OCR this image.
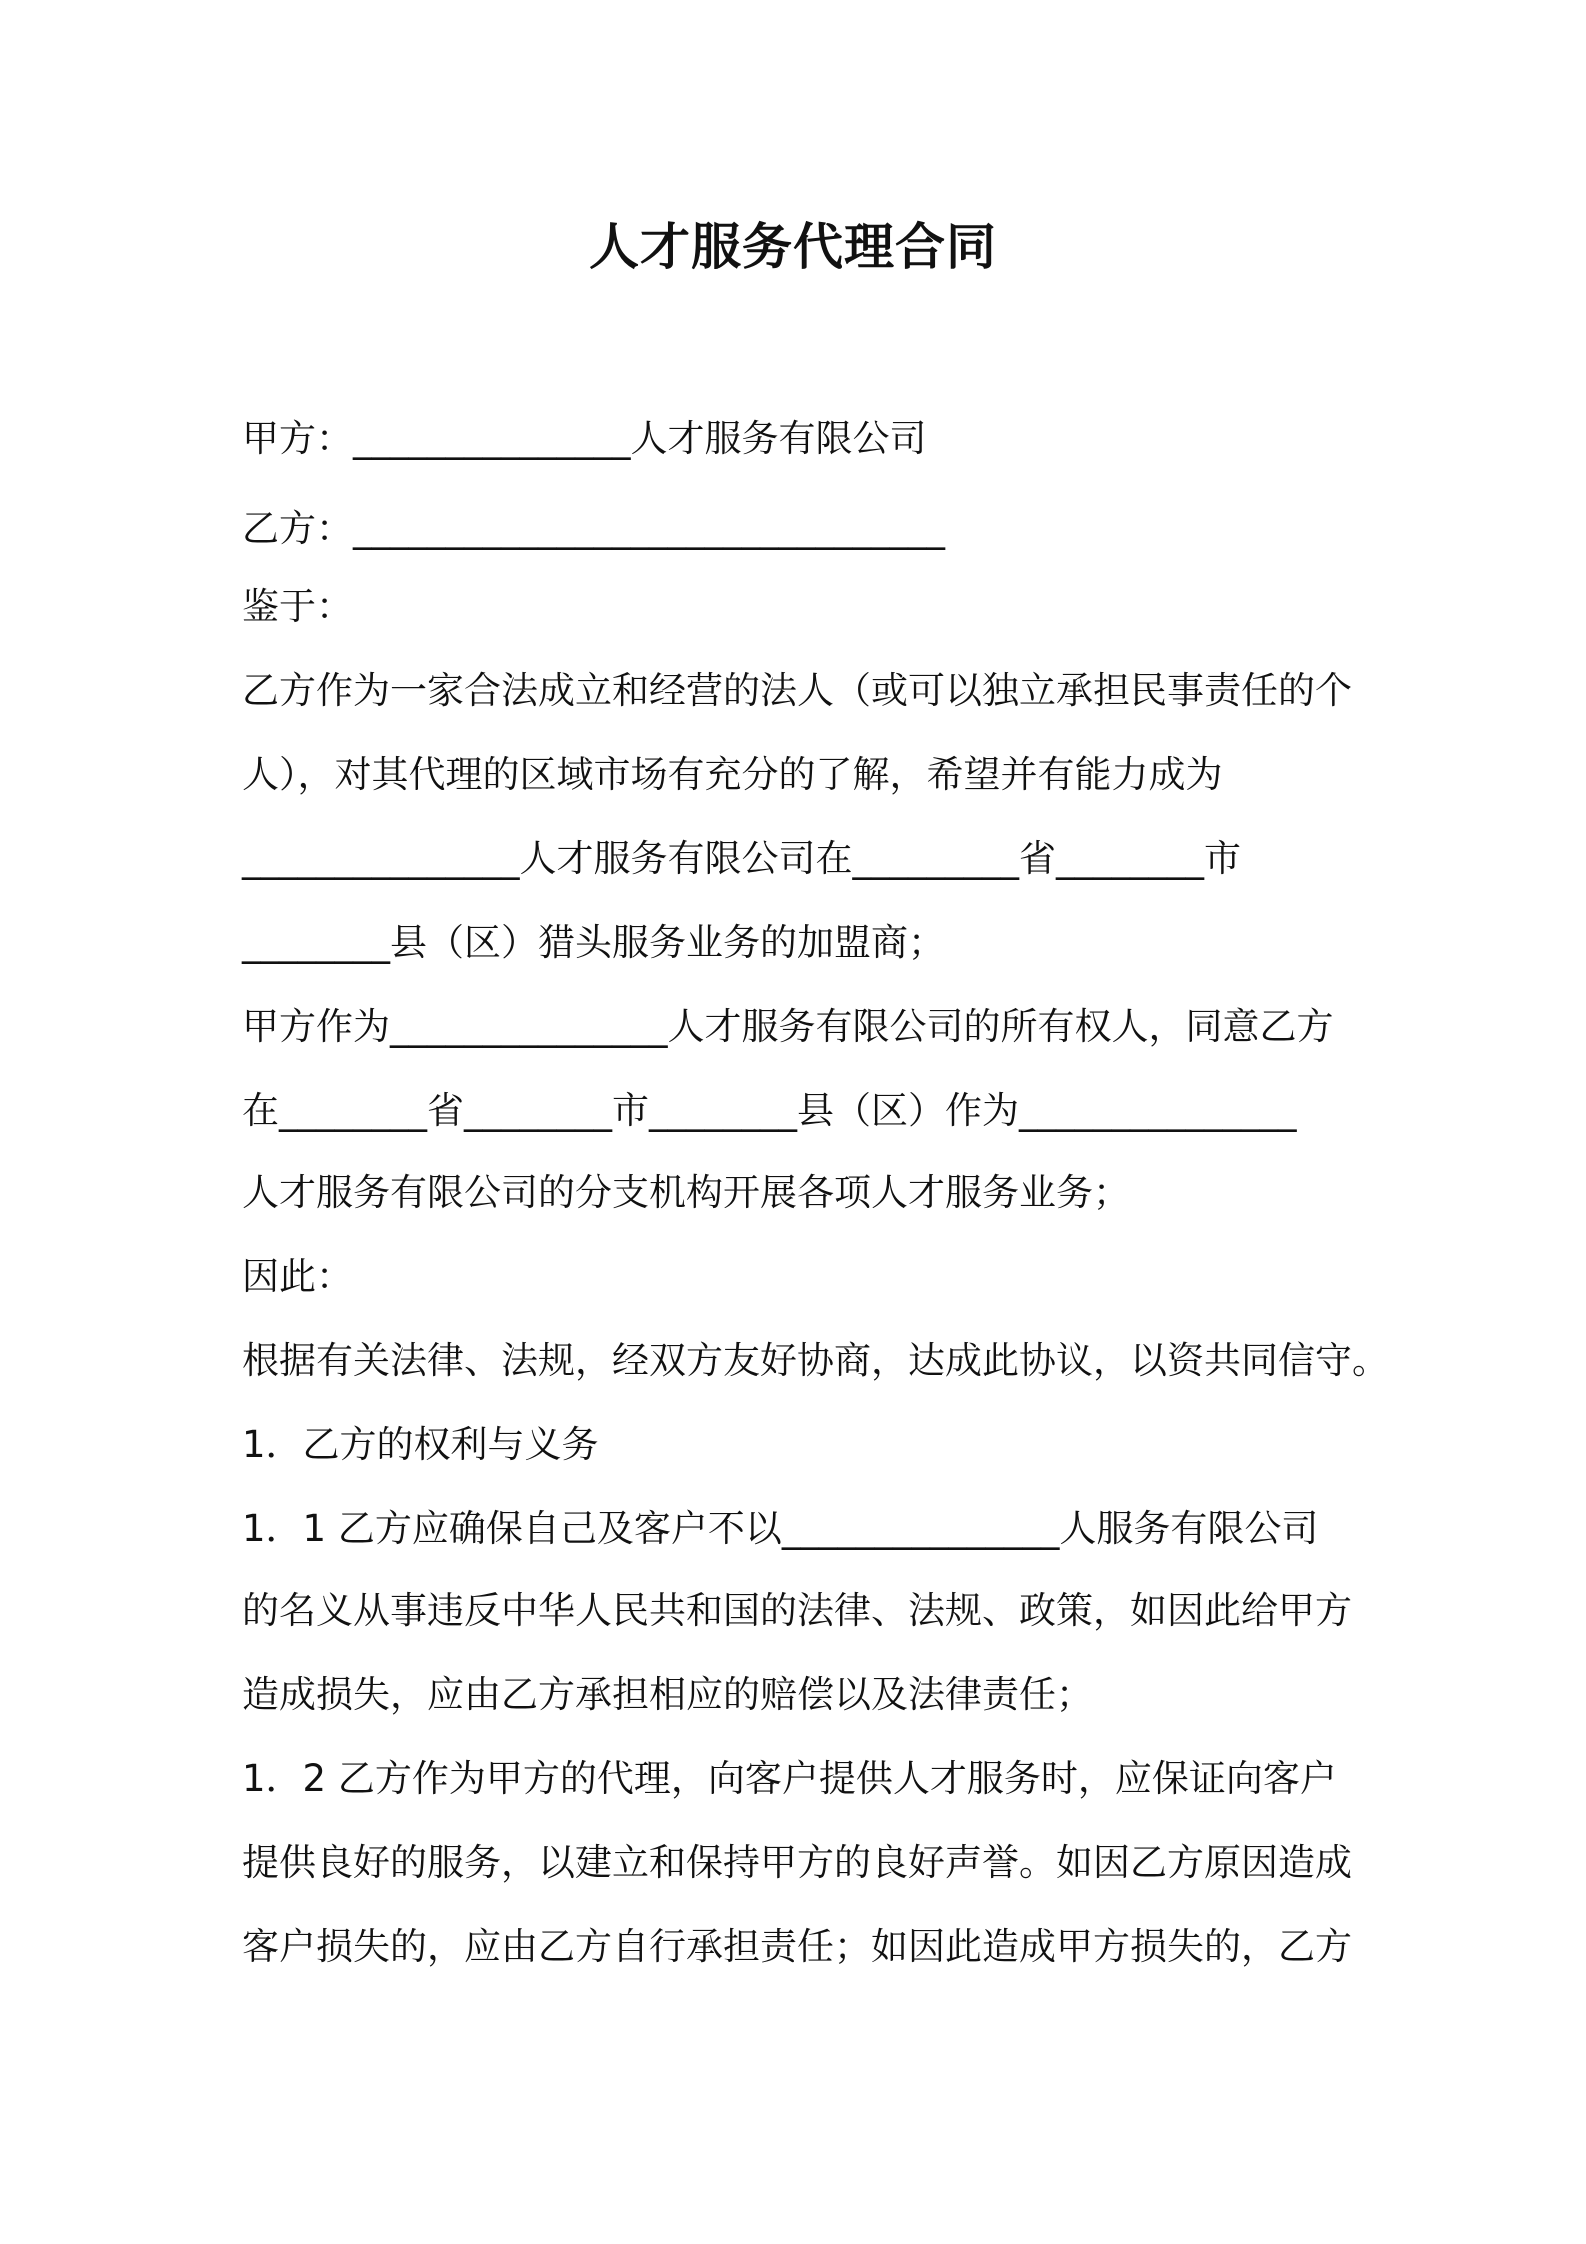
人才服务代理合同
甲方：_______________人才服务有限公司
乙方：________________________________
鉴于：
乙方作为一家合法成立和经营的法人（或可以独立承担民事责任的个
人），对其代理的区域市场有充分的了解，希望并有能力成为
_______________人才服务有限公司在_________省________市
________县（区）猎头服务业务的加盟商；
甲方作为_______________人才服务有限公司的所有权人，同意乙方
在________省________市________县（区）作为_______________
人才服务有限公司的分支机构开展各项人才服务业务；
因此：
根据有关法律、法规，经双方友好协商，达成此协议，以资共同信守。
1．乙方的权利与义务
1．1 乙方应确保自己及客户不以_______________人服务有限公司
的名义从事违反中华人民共和国的法律、法规、政策，如因此给甲方
造成损失，应由乙方承担相应的赔偿以及法律责任；
1．2 乙方作为甲方的代理，向客户提供人才服务时，应保证向客户
提供良好的服务，以建立和保持甲方的良好声誉。如因乙方原因造成
客户损失的，应由乙方自行承担责任；如因此造成甲方损失的，乙方
